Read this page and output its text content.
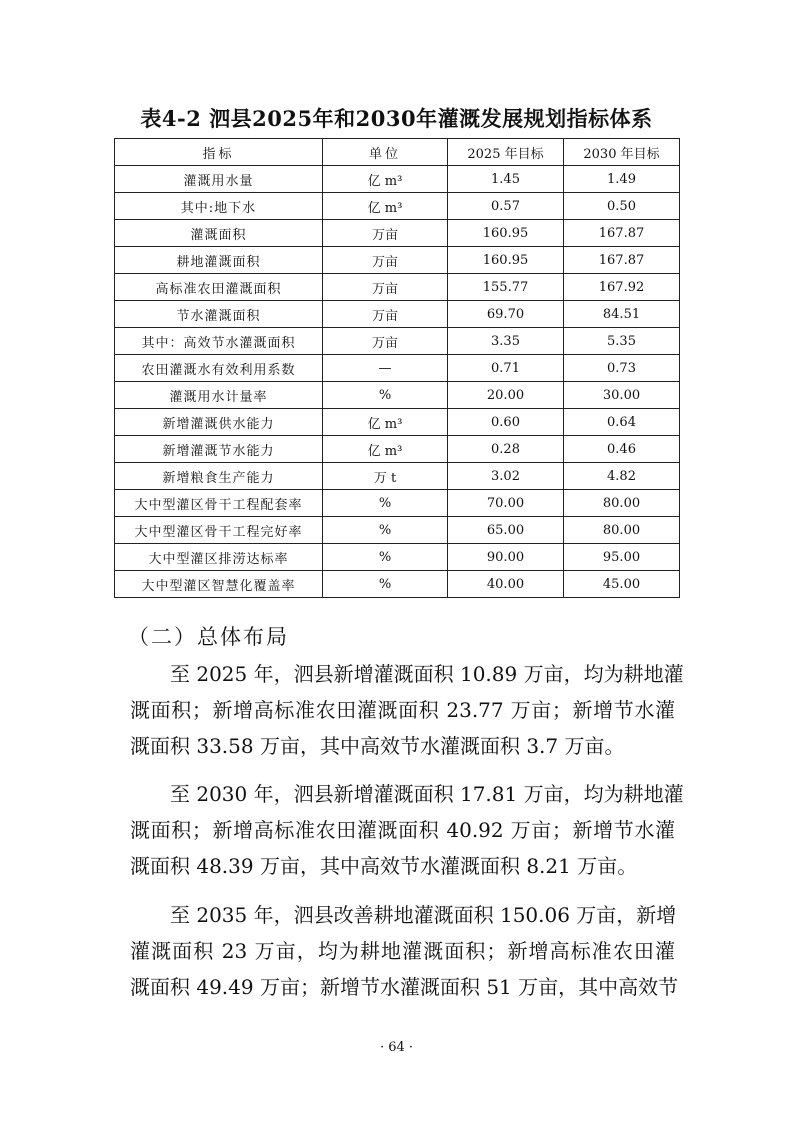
表4-2 泗县2025年和2030年灌溉发展规划指标体系
指标	单位	2025 年目标	2030 年目标
灌溉用水量	亿 m³	1.45	1.49
其中:地下水	亿 m³	0.57	0.50
灌溉面积	万亩	160.95	167.87
耕地灌溉面积	万亩	160.95	167.87
高标准农田灌溉面积	万亩	155.77	167.92
节水灌溉面积	万亩	69.70	84.51
其中：高效节水灌溉面积	万亩	3.35	5.35
农田灌溉水有效利用系数	—	0.71	0.73
灌溉用水计量率	%	20.00	30.00
新增灌溉供水能力	亿 m³	0.60	0.64
新增灌溉节水能力	亿 m³	0.28	0.46
新增粮食生产能力	万 t	3.02	4.82
大中型灌区骨干工程配套率	%	70.00	80.00
大中型灌区骨干工程完好率	%	65.00	80.00
大中型灌区排涝达标率	%	90.00	95.00
大中型灌区智慧化覆盖率	%	40.00	45.00
（二）总体布局
至 2025 年，泗县新增灌溉面积 10.89 万亩，均为耕地灌
溉面积；新增高标准农田灌溉面积 23.77 万亩；新增节水灌
溉面积 33.58 万亩，其中高效节水灌溉面积 3.7 万亩。
至 2030 年，泗县新增灌溉面积 17.81 万亩，均为耕地灌
溉面积；新增高标准农田灌溉面积 40.92 万亩；新增节水灌
溉面积 48.39 万亩，其中高效节水灌溉面积 8.21 万亩。
至 2035 年，泗县改善耕地灌溉面积 150.06 万亩，新增
灌溉面积 23 万亩，均为耕地灌溉面积；新增高标准农田灌
溉面积 49.49 万亩；新增节水灌溉面积 51 万亩，其中高效节
· 64 ·
